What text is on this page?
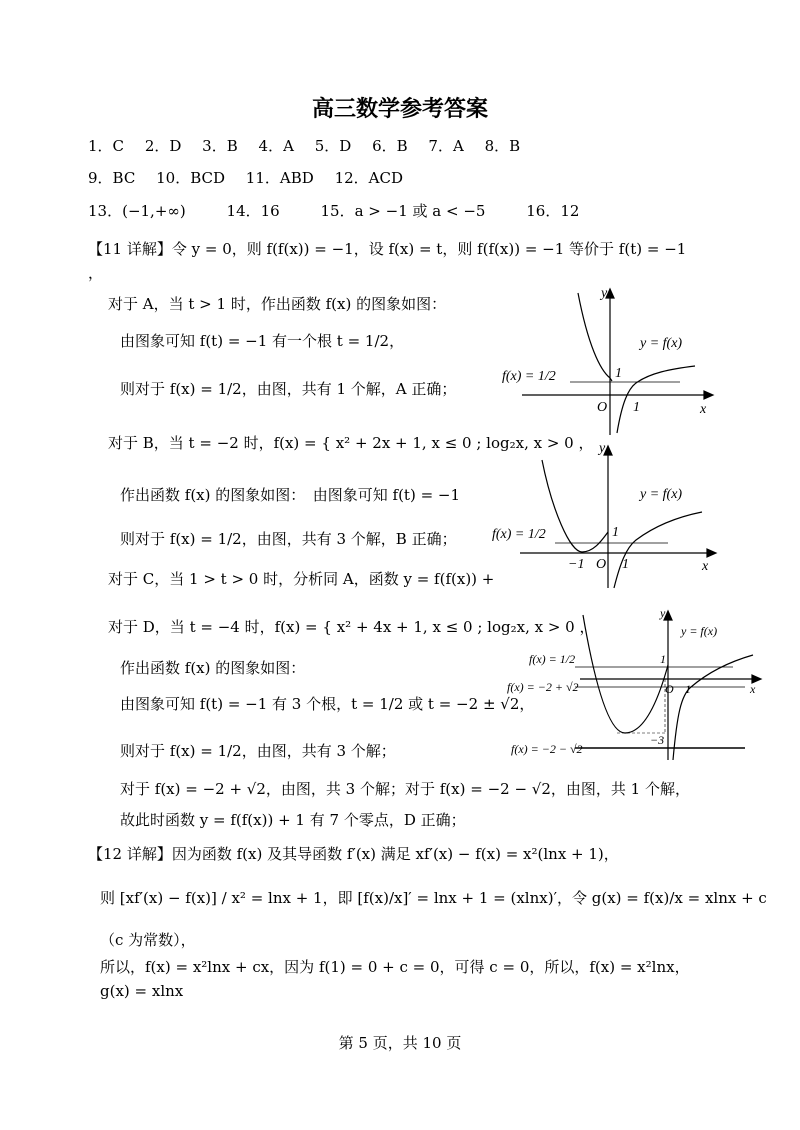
高三数学参考答案
1．C 2．D 3．B 4．A 5．D 6．B 7．A 8．B
9．BC 10．BCD 11．ABD 12．ACD
13．(−1,+∞)	14．16	15．a > −1 或 a < −5	16．12
【11 详解】令 y = 0，则 f(f(x)) = −1，设 f(x) = t，则 f(f(x)) = −1 等价于 f(t) = −1
，
对于 A，当 t > 1 时，作出函数 f(x) 的图象如图：
由图象可知 f(t) = −1 有一个根 t = 1/2，
则对于 f(x) = 1/2，由图，共有 1 个解，A 正确；
对于 B，当 t = −2 时，f(x) = { x² + 2x + 1, x ≤ 0 ; log₂x, x > 0 ，
作出函数 f(x) 的图象如图：　由图象可知 f(t) = −1
则对于 f(x) = 1/2，由图，共有 3 个解，B 正确；
对于 C，当 1 > t > 0 时，分析同 A，函数 y = f(f(x)) +
对于 D，当 t = −4 时，f(x) = { x² + 4x + 1, x ≤ 0 ; log₂x, x > 0 ，
作出函数 f(x) 的图象如图：
由图象可知 f(t) = −1 有 3 个根，t = 1/2 或 t = −2 ± √2，
则对于 f(x) = 1/2，由图，共有 3 个解；
对于 f(x) = −2 + √2，由图，共 3 个解；对于 f(x) = −2 − √2，由图，共 1 个解，
故此时函数 y = f(f(x)) + 1 有 7 个零点，D 正确；
【12 详解】因为函数 f(x) 及其导函数 f′(x) 满足 xf′(x) − f(x) = x²(lnx + 1)，
则 [xf′(x) − f(x)] / x² = lnx + 1，即 [f(x)/x]′ = lnx + 1 = (xlnx)′，令 g(x) = f(x)/x = xlnx + c
（c 为常数），
所以，f(x) = x²lnx + cx，因为 f(1) = 0 + c = 0，可得 c = 0，所以，f(x) = x²lnx，
g(x) = xlnx
y
x
O 1
1
y = f(x)
f(x) = 1/2
y
x
O 1
−1
1
y = f(x)
f(x) = 1/2
y
x
O 1
1
−3
y = f(x)
f(x) = 1/2
f(x) = −2 + √2
f(x) = −2 − √2
第 5 页，共 10 页
